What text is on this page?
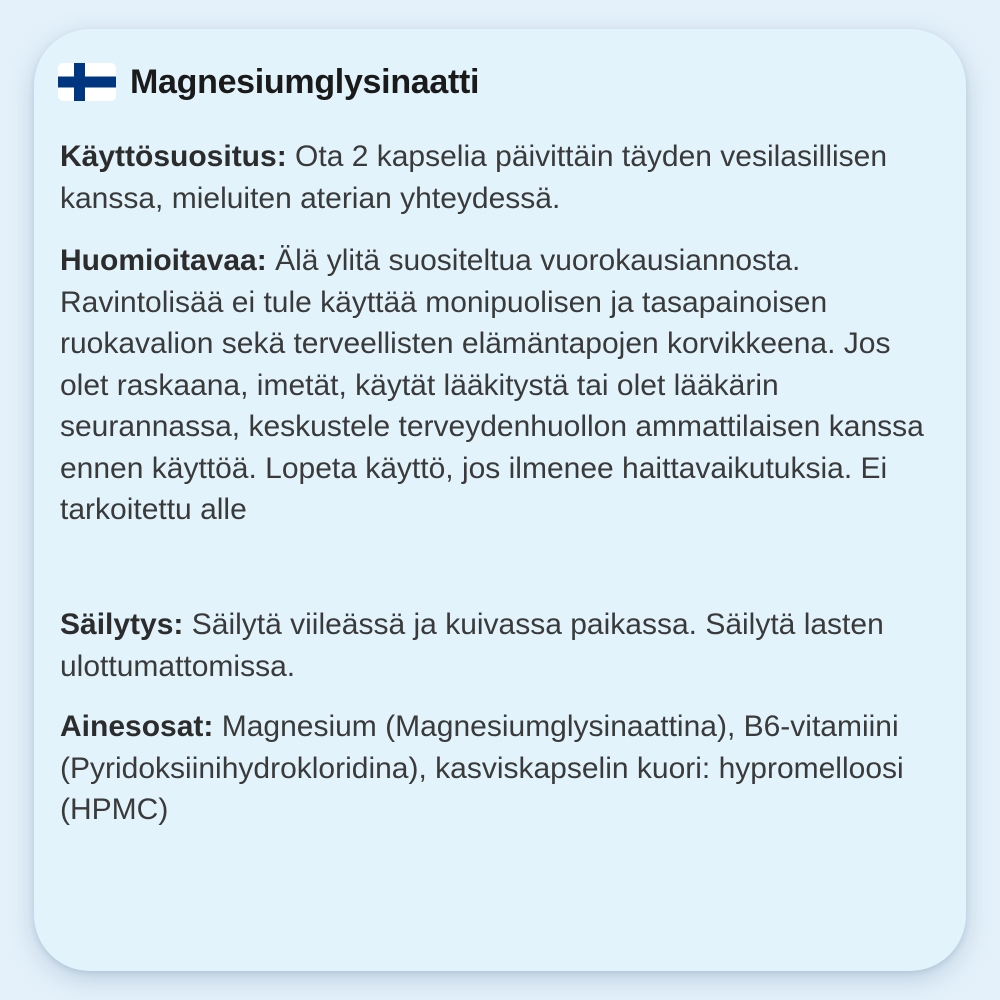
Magnesiumglysinaatti

Käyttösuositus: Ota 2 kapselia päivittäin täyden vesilasillisen kanssa, mieluiten aterian yhteydessä.

Huomioitavaa: Älä ylitä suositeltua vuorokausiannosta. Ravintolisää ei tule käyttää monipuolisen ja tasapainoisen ruokavalion sekä terveellisten elämäntapojen korvikkeena. Jos olet raskaana, imetät, käytät lääkitystä tai olet lääkärin seurannassa, keskustele terveydenhuollon ammattilaisen kanssa ennen käyttöä. Lopeta käyttö, jos ilmenee haittavaikutuksia. Ei tarkoitettu alle

Säilytys: Säilytä viileässä ja kuivassa paikassa. Säilytä lasten ulottumattomissa.

Ainesosat: Magnesium (Magnesiumglysinaattina), B6-vitamiini (Pyridoksiinihydrokloridina), kasviskapselin kuori: hypromelloosi (HPMC)
